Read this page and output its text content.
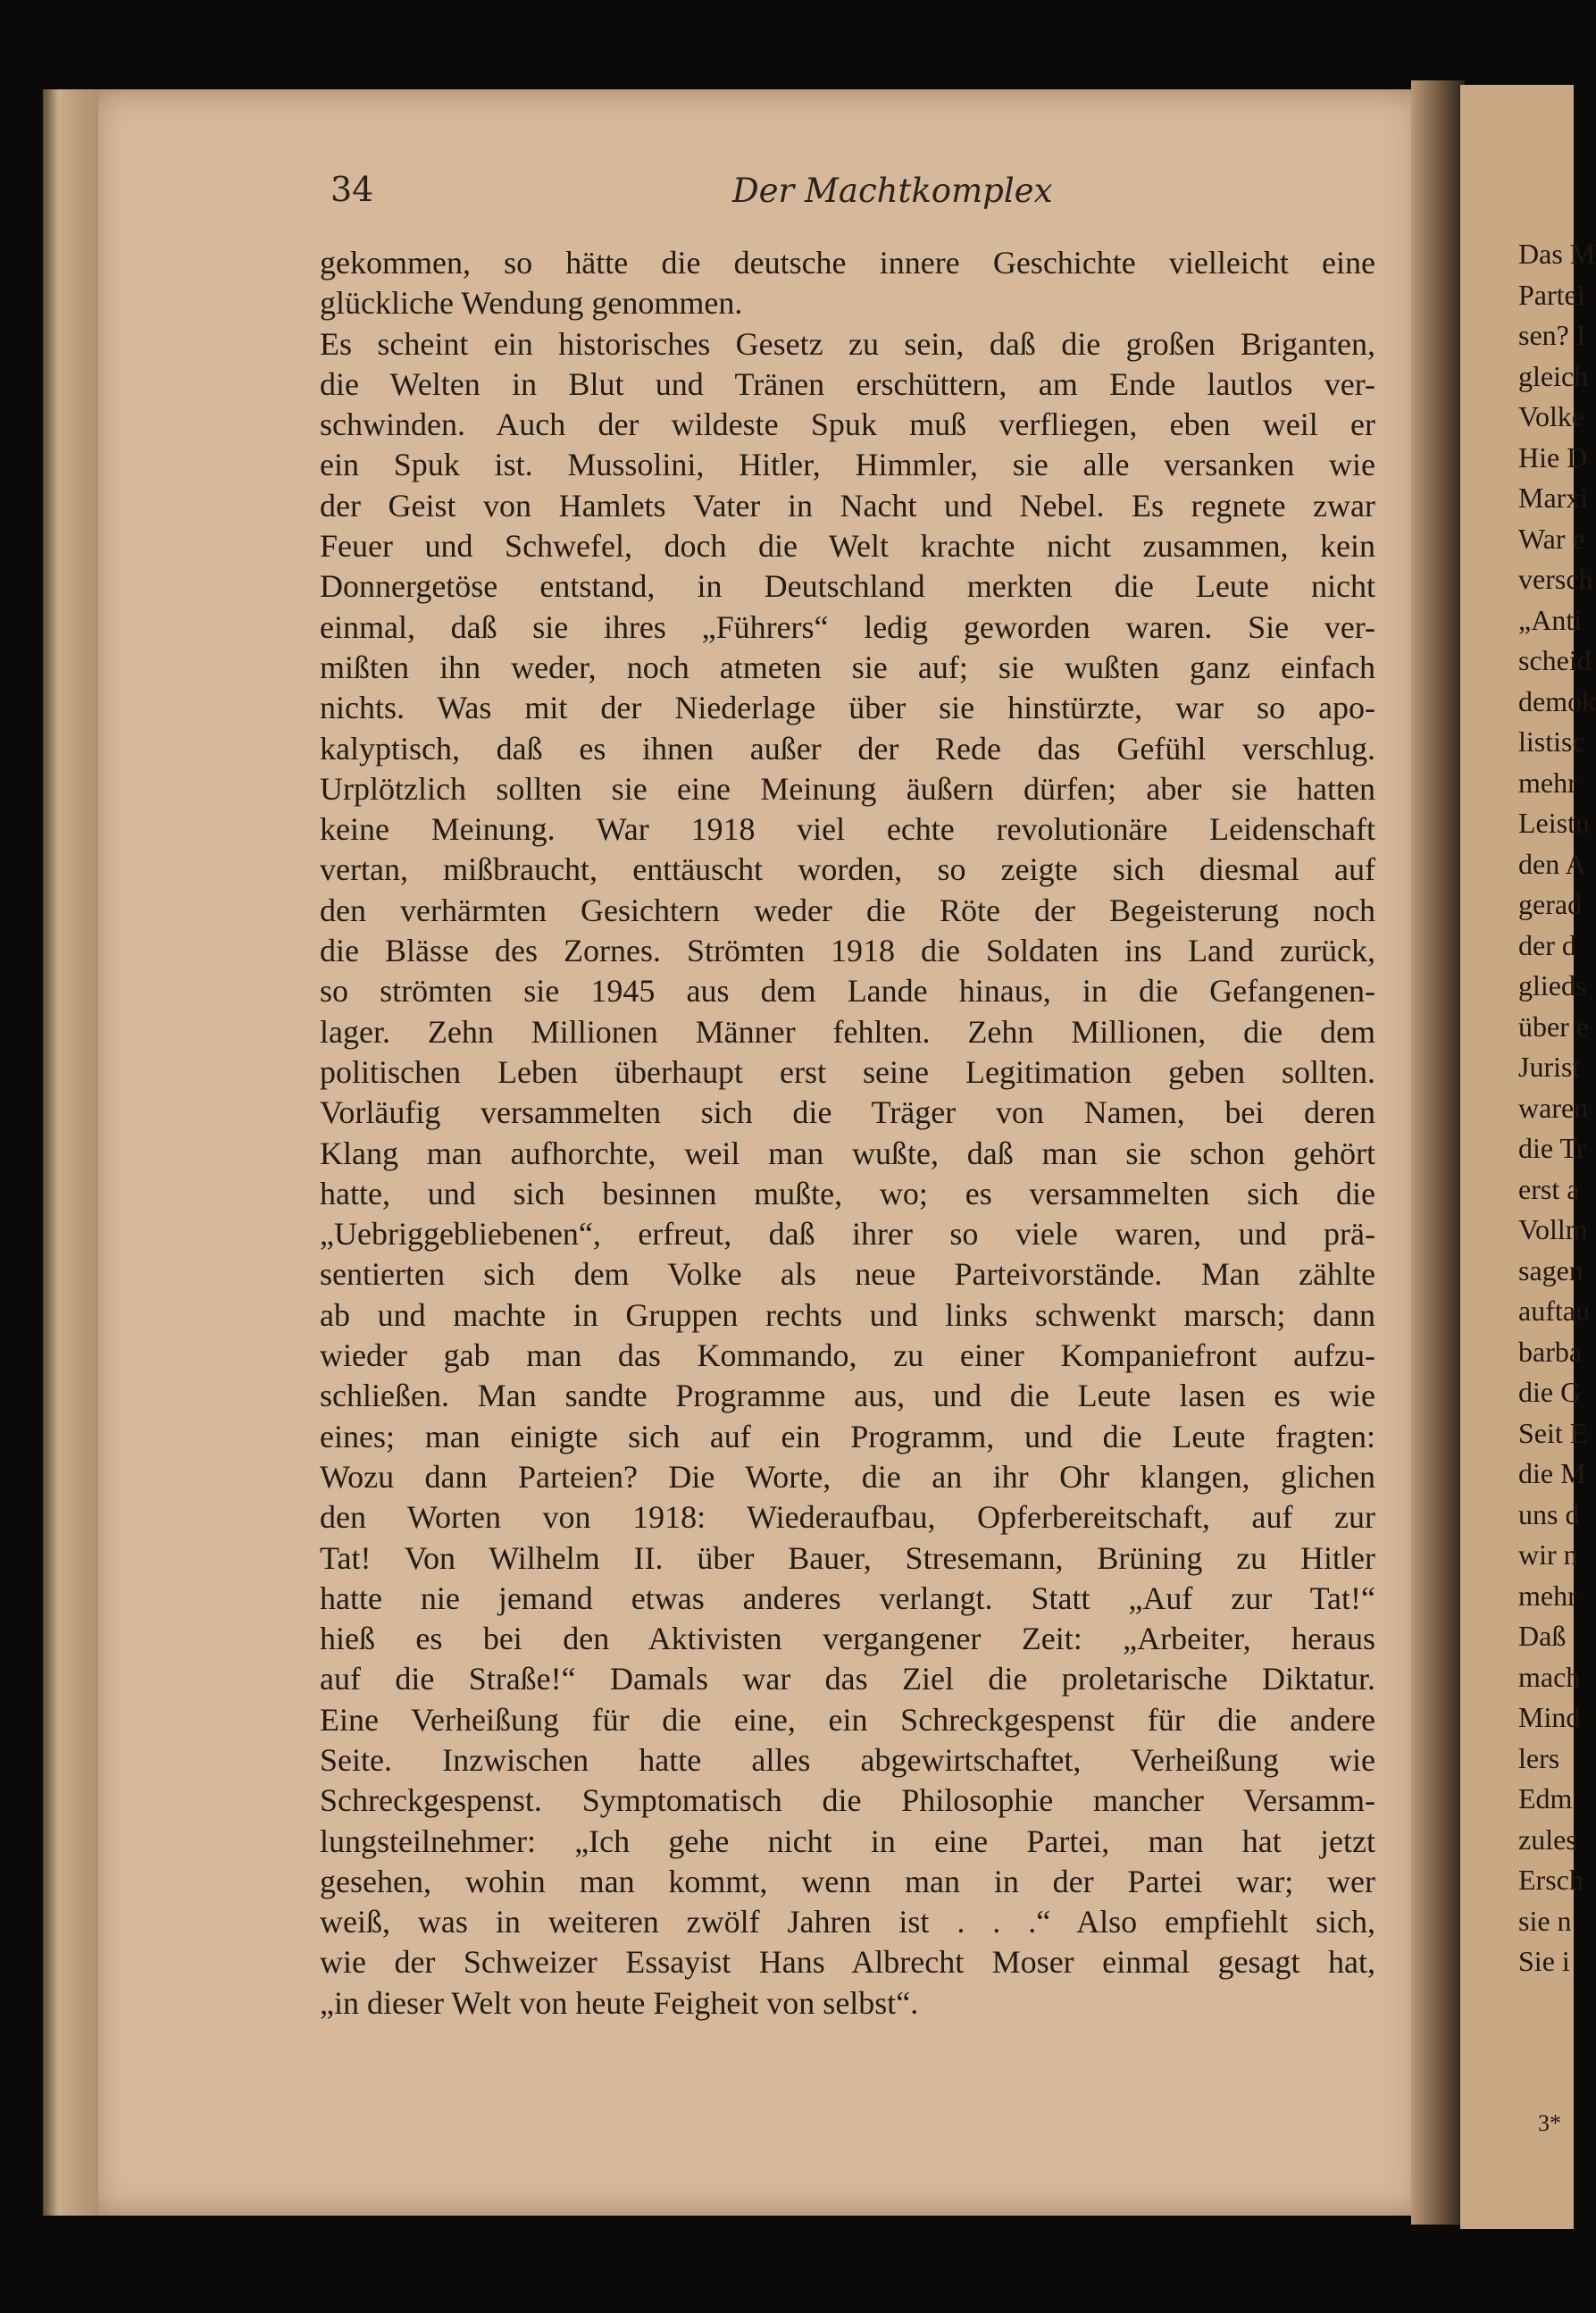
34	Der Machtkomplex
gekommen, so hätte die deutsche innere Geschichte vielleicht eine
glückliche Wendung genommen.
Es scheint ein historisches Gesetz zu sein, daß die großen Briganten,
die Welten in Blut und Tränen erschüttern, am Ende lautlos ver-
schwinden. Auch der wildeste Spuk muß verfliegen, eben weil er
ein Spuk ist. Mussolini, Hitler, Himmler, sie alle versanken wie
der Geist von Hamlets Vater in Nacht und Nebel. Es regnete zwar
Feuer und Schwefel, doch die Welt krachte nicht zusammen, kein
Donnergetöse entstand, in Deutschland merkten die Leute nicht
einmal, daß sie ihres „Führers“ ledig geworden waren. Sie ver-
mißten ihn weder, noch atmeten sie auf; sie wußten ganz einfach
nichts. Was mit der Niederlage über sie hinstürzte, war so apo-
kalyptisch, daß es ihnen außer der Rede das Gefühl verschlug.
Urplötzlich sollten sie eine Meinung äußern dürfen; aber sie hatten
keine Meinung. War 1918 viel echte revolutionäre Leidenschaft
vertan, mißbraucht, enttäuscht worden, so zeigte sich diesmal auf
den verhärmten Gesichtern weder die Röte der Begeisterung noch
die Blässe des Zornes. Strömten 1918 die Soldaten ins Land zurück,
so strömten sie 1945 aus dem Lande hinaus, in die Gefangenen-
lager. Zehn Millionen Männer fehlten. Zehn Millionen, die dem
politischen Leben überhaupt erst seine Legitimation geben sollten.
Vorläufig versammelten sich die Träger von Namen, bei deren
Klang man aufhorchte, weil man wußte, daß man sie schon gehört
hatte, und sich besinnen mußte, wo; es versammelten sich die
„Uebriggebliebenen“, erfreut, daß ihrer so viele waren, und prä-
sentierten sich dem Volke als neue Parteivorstände. Man zählte
ab und machte in Gruppen rechts und links schwenkt marsch; dann
wieder gab man das Kommando, zu einer Kompaniefront aufzu-
schließen. Man sandte Programme aus, und die Leute lasen es wie
eines; man einigte sich auf ein Programm, und die Leute fragten:
Wozu dann Parteien? Die Worte, die an ihr Ohr klangen, glichen
den Worten von 1918: Wiederaufbau, Opferbereitschaft, auf zur
Tat! Von Wilhelm II. über Bauer, Stresemann, Brüning zu Hitler
hatte nie jemand etwas anderes verlangt. Statt „Auf zur Tat!“
hieß es bei den Aktivisten vergangener Zeit: „Arbeiter, heraus
auf die Straße!“ Damals war das Ziel die proletarische Diktatur.
Eine Verheißung für die eine, ein Schreckgespenst für die andere
Seite. Inzwischen hatte alles abgewirtschaftet, Verheißung wie
Schreckgespenst. Symptomatisch die Philosophie mancher Versamm-
lungsteilnehmer: „Ich gehe nicht in eine Partei, man hat jetzt
gesehen, wohin man kommt, wenn man in der Partei war; wer
weiß, was in weiteren zwölf Jahren ist . . .“ Also empfiehlt sich,
wie der Schweizer Essayist Hans Albrecht Moser einmal gesagt hat,
„in dieser Welt von heute Feigheit von selbst“.
Das M
Partei
sen? I
gleich
Volke
Hie D
Marxi
War e
versch
„Anti
scheid
demok
listisc
mehr
Leistu
den A
gerad
der d
glieds
über e
Jurist
waren
die Tr
erst a
Vollm
sagen
auftau
barba
die G
Seit E
die M
uns d
wir n
mehr
Daß
mach
Mind
lers
Edm
zules
Ersch
sie n
Sie i
3*
